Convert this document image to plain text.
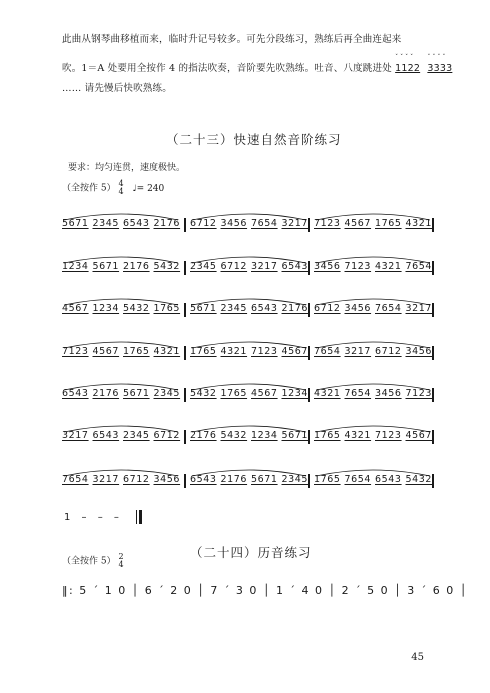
此曲从钢琴曲移植而来，临时升记号较多。可先分段练习，熟练后再全曲连起来
吹。1＝A 处要用全按作 4 的指法吹奏，音阶要先吹熟练。吐音、八度跳进处
ˇˇˇˇ
1122
ˇˇˇˇ
3333
…… 请先慢后快吹熟练。
（二十三）快速自然音阶练习
要求：均匀连贯，速度极快。
（全按作 5） 4
4 ♩= 240
5671 2345 6543 2176 6712 3456 7654 3217 7123 4567 1765 4321
1234 5671 2176 5432 2345 6712 3217 6543 3456 7123 4321 7654
4567 1234 5432 1765 5671 2345 6543 2176 6712 3456 7654 3217
7123 4567 1765 4321 1765 4321 7123 4567 7654 3217 6712 3456
6543 2176 5671 2345 5432 1765 4567 1234 4321 7654 3456 7123
3217 6543 2345 6712 2176 5432 1234 5671 1765 4321 7123 4567
7654 3217 6712 3456 6543 2176 5671 2345 1765 7654 6543 5432
1 – – –
（二十四）历音练习
（全按作 5） 2
4
‖: 5 ˊ 1 0 │ 6 ˊ 2 0 │ 7 ˊ 3 0 │ 1 ˊ 4 0 │ 2 ˊ 5 0 │ 3 ˊ 6 0 │
45
